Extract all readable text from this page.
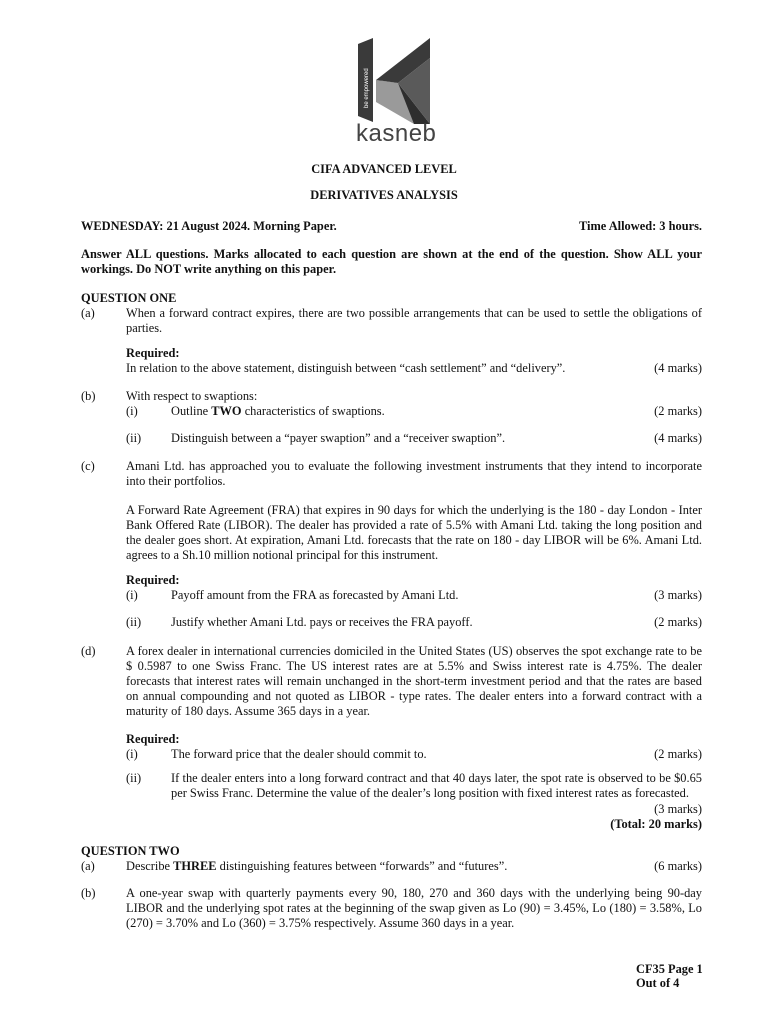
be empowered
kasneb
CIFA ADVANCED LEVEL
DERIVATIVES ANALYSIS
WEDNESDAY: 21 August 2024. Morning Paper.	Time Allowed: 3 hours.
Answer ALL questions. Marks allocated to each question are shown at the end of the question. Show ALL your
workings. Do NOT write anything on this paper.
QUESTION ONE
(a)	When a forward contract expires, there are two possible arrangements that can be used to settle the obligations of parties.
Required:
In relation to the above statement, distinguish between “cash settlement” and “delivery”.	(4 marks)
(b) With respect to swaptions:
(i)	Outline TWO characteristics of swaptions.	(2 marks)
(ii) Distinguish between a “payer swaption” and a “receiver swaption”.	(4 marks)
(c)	Amani Ltd. has approached you to evaluate the following investment instruments that they intend to incorporate into their portfolios.
A Forward Rate Agreement (FRA) that expires in 90 days for which the underlying is the 180 - day London - Inter Bank Offered Rate (LIBOR). The dealer has provided a rate of 5.5% with Amani Ltd. taking the long position and the dealer goes short. At expiration, Amani Ltd. forecasts that the rate on 180 - day LIBOR will be 6%. Amani Ltd. agrees to a Sh.10 million notional principal for this instrument.
Required:
(i)	Payoff amount from the FRA as forecasted by Amani Ltd.	(3 marks)
(ii) Justify whether Amani Ltd. pays or receives the FRA payoff.	(2 marks)
(d) A forex dealer in international currencies domiciled in the United States (US) observes the spot exchange rate to be $ 0.5987 to one Swiss Franc. The US interest rates are at 5.5% and Swiss interest rate is 4.75%. The dealer forecasts that interest rates will remain unchanged in the short-term investment period and that the rates are based on annual compounding and not quoted as LIBOR - type rates. The dealer enters into a forward contract with a maturity of 180 days. Assume 365 days in a year.
Required:
(i)	The forward price that the dealer should commit to.	(2 marks)
(ii) If the dealer enters into a long forward contract and that 40 days later, the spot rate is observed to be $0.65 per Swiss Franc. Determine the value of the dealer’s long position with fixed interest rates as forecasted.
(3 marks)
(Total: 20 marks)
QUESTION TWO
(a)	Describe THREE distinguishing features between “forwards” and “futures”.	(6 marks)
(b) A one-year swap with quarterly payments every 90, 180, 270 and 360 days with the underlying being 90-day LIBOR and the underlying spot rates at the beginning of the swap given as Lo (90) = 3.45%, Lo (180) = 3.58%, Lo (270) = 3.70% and Lo (360) = 3.75% respectively. Assume 360 days in a year.
CF35 Page 1
Out of 4
